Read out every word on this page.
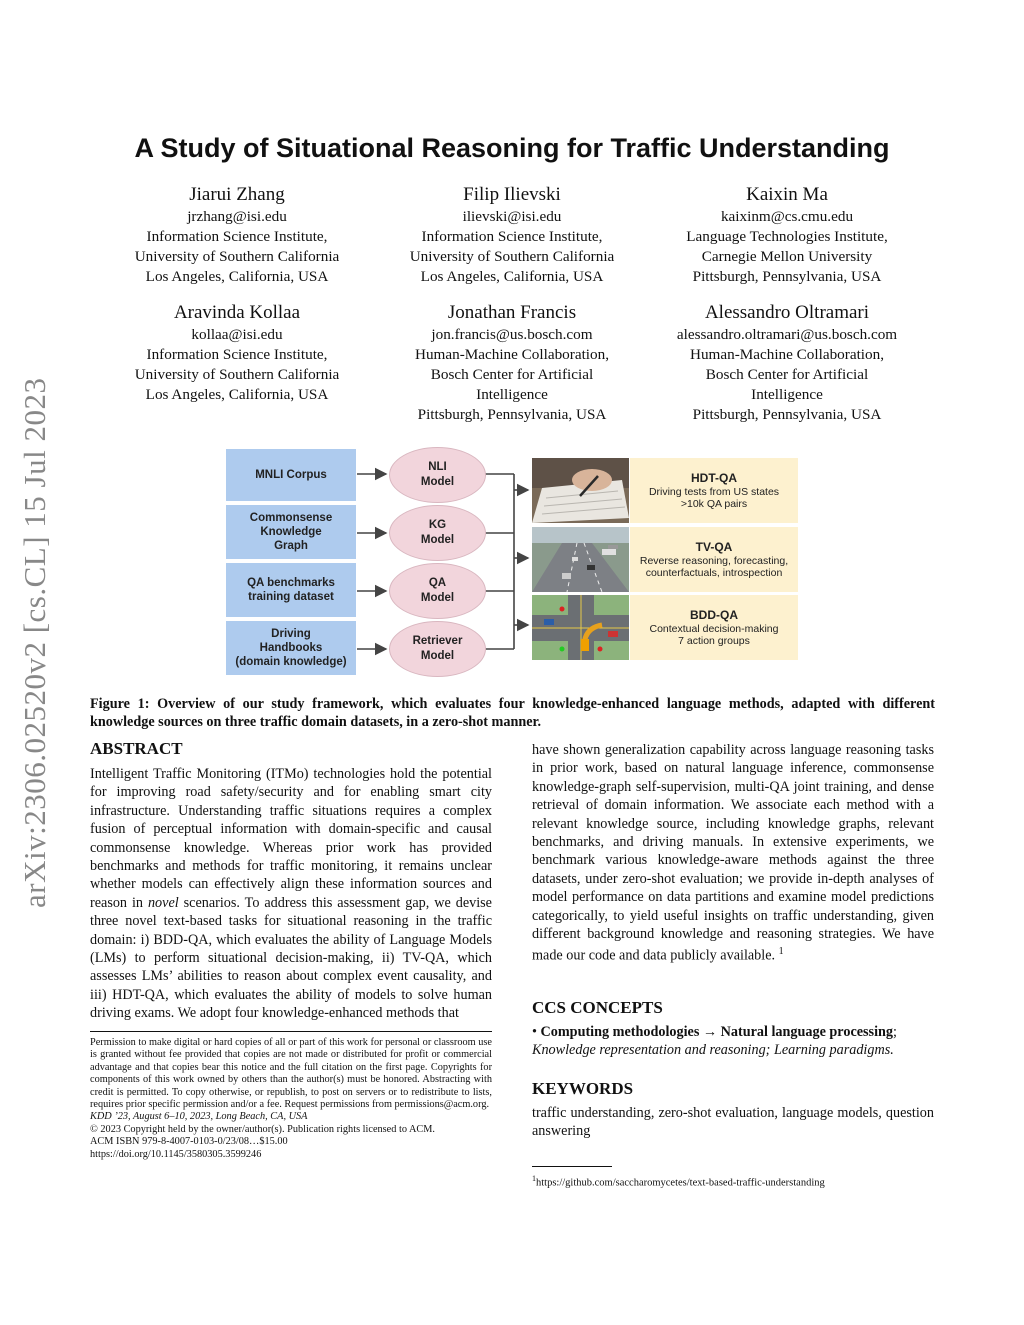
arXiv:2306.02520v2 [cs.CL] 15 Jul 2023
A Study of Situational Reasoning for Traffic Understanding
Jiarui Zhang
jrzhang@isi.edu
Information Science Institute,
University of Southern California
Los Angeles, California, USA
Filip Ilievski
ilievski@isi.edu
Information Science Institute,
University of Southern California
Los Angeles, California, USA
Kaixin Ma
kaixinm@cs.cmu.edu
Language Technologies Institute,
Carnegie Mellon University
Pittsburgh, Pennsylvania, USA
Aravinda Kollaa
kollaa@isi.edu
Information Science Institute,
University of Southern California
Los Angeles, California, USA
Jonathan Francis
jon.francis@us.bosch.com
Human-Machine Collaboration,
Bosch Center for Artificial
Intelligence
Pittsburgh, Pennsylvania, USA
Alessandro Oltramari
alessandro.oltramari@us.bosch.com
Human-Machine Collaboration,
Bosch Center for Artificial
Intelligence
Pittsburgh, Pennsylvania, USA
MNLI Corpus
Commonsense
Knowledge
Graph
QA benchmarks
training dataset
Driving
Handbooks
(domain knowledge)
NLI
Model
KG
Model
QA
Model
Retriever
Model
HDT-QA
Driving tests from US states
>10k QA pairs
TV-QA
Reverse reasoning, forecasting,
counterfactuals, introspection
BDD-QA
Contextual decision-making
7 action groups
Figure 1: Overview of our study framework, which evaluates four knowledge-enhanced language methods, adapted with different knowledge sources on three traffic domain datasets, in a zero-shot manner.
ABSTRACT
Intelligent Traffic Monitoring (ITMo) technologies hold the potential for improving road safety/security and for enabling smart city infrastructure. Understanding traffic situations requires a complex fusion of perceptual information with domain-specific and causal commonsense knowledge. Whereas prior work has provided benchmarks and methods for traffic monitoring, it remains unclear whether models can effectively align these information sources and reason in novel scenarios. To address this assessment gap, we devise three novel text-based tasks for situational reasoning in the traffic domain: i) BDD-QA, which evaluates the ability of Language Models (LMs) to perform situational decision-making, ii) TV-QA, which assesses LMs’ abilities to reason about complex event causality, and iii) HDT-QA, which evaluates the ability of models to solve human driving exams. We adopt four knowledge-enhanced methods that
Permission to make digital or hard copies of all or part of this work for personal or classroom use is granted without fee provided that copies are not made or distributed for profit or commercial advantage and that copies bear this notice and the full citation on the first page. Copyrights for components of this work owned by others than the author(s) must be honored. Abstracting with credit is permitted. To copy otherwise, or republish, to post on servers or to redistribute to lists, requires prior specific permission and/or a fee. Request permissions from permissions@acm.org.
KDD ’23, August 6–10, 2023, Long Beach, CA, USA
© 2023 Copyright held by the owner/author(s). Publication rights licensed to ACM.
ACM ISBN 979-8-4007-0103-0/23/08…$15.00
https://doi.org/10.1145/3580305.3599246
have shown generalization capability across language reasoning tasks in prior work, based on natural language inference, commonsense knowledge-graph self-supervision, multi-QA joint training, and dense retrieval of domain information. We associate each method with a relevant knowledge source, including knowledge graphs, relevant benchmarks, and driving manuals. In extensive experiments, we benchmark various knowledge-aware methods against the three datasets, under zero-shot evaluation; we provide in-depth analyses of model performance on data partitions and examine model predictions categorically, to yield useful insights on traffic understanding, given different background knowledge and reasoning strategies. We have made our code and data publicly available. $^1$
CCS CONCEPTS
• Computing methodologies → Natural language processing;
Knowledge representation and reasoning; Learning paradigms.
KEYWORDS
traffic understanding, zero-shot evaluation, language models, question answering
$^1$https://github.com/saccharomycetes/text-based-traffic-understanding
